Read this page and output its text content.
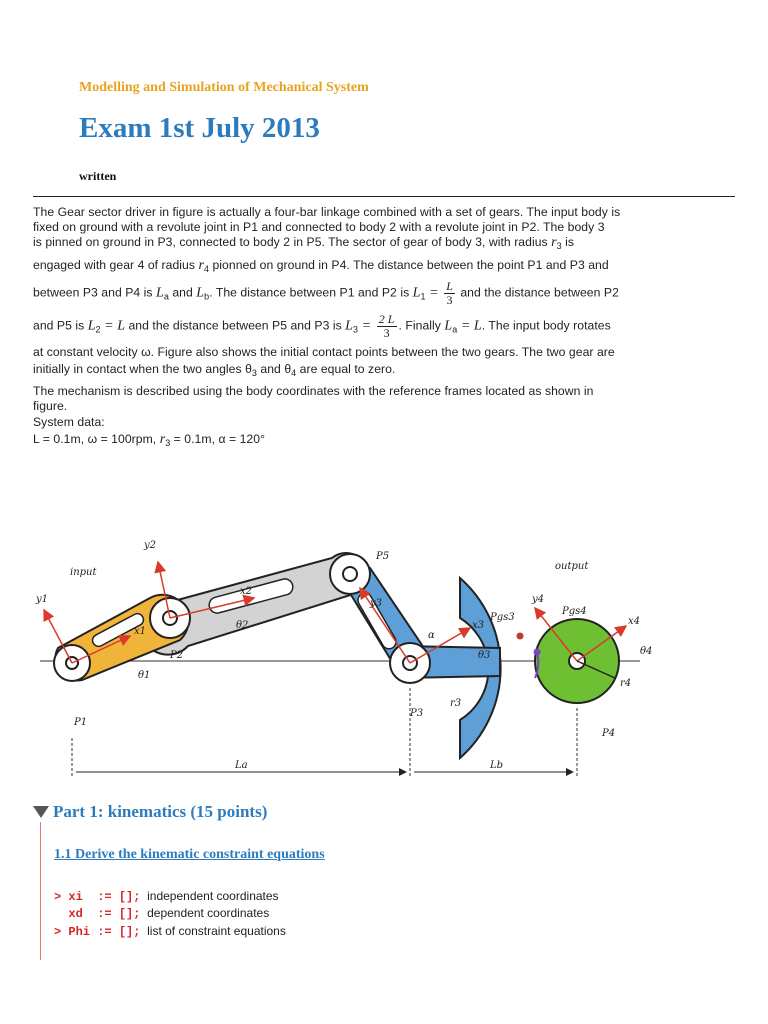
Modelling and Simulation of Mechanical System
Exam 1st July 2013
written
The Gear sector driver in figure is actually a four-bar linkage combined with a set of gears. The input body is
fixed on ground with a revolute joint in P1 and connected to body 2 with a revolute joint in P2. The body 3
is pinned on ground in P3, connected to body 2 in P5. The sector of gear of body 3, with radius $r_3$ is
engaged with gear 4 of radius $r_4$ pionned on ground in P4. The distance between the point P1 and P3 and
between P3 and P4 is $L_a$ and $L_b$. The distance between P1 and P2 is $L_1 = \frac{L}{3}$ and the distance between P2
and P5 is $L_2 = L$ and the distance between P5 and P3 is $L_3 = \frac{2 L}{3}$ . Finally $L_a = L$. The input body rotates
at constant velocity ω. Figure also shows the initial contact points between the two gears. The two gear are
initially in contact when the two angles $\theta_3$ and $\theta_4$ are equal to zero.
The mechanism is described using the body coordinates with the reference frames located as shown in
figure.
System data:
L = 0.1m, ω = 100rpm, $r_3 = 0.1m$, α = 120°
input
output
y1
y2
y3	y4
x1
x2
x3	x4
P1
P2
P3
P4
P5
Pgs3
Pgs4
θ1
θ2
θ3	θ4
α
r3
r4
La	Lb
Part 1: kinematics (15 points)
1.1 Derive the kinematic constraint equations
> xi  := [];  independent coordinates
xd  := [];  dependent coordinates
> Phi := [];  list of constraint equations
